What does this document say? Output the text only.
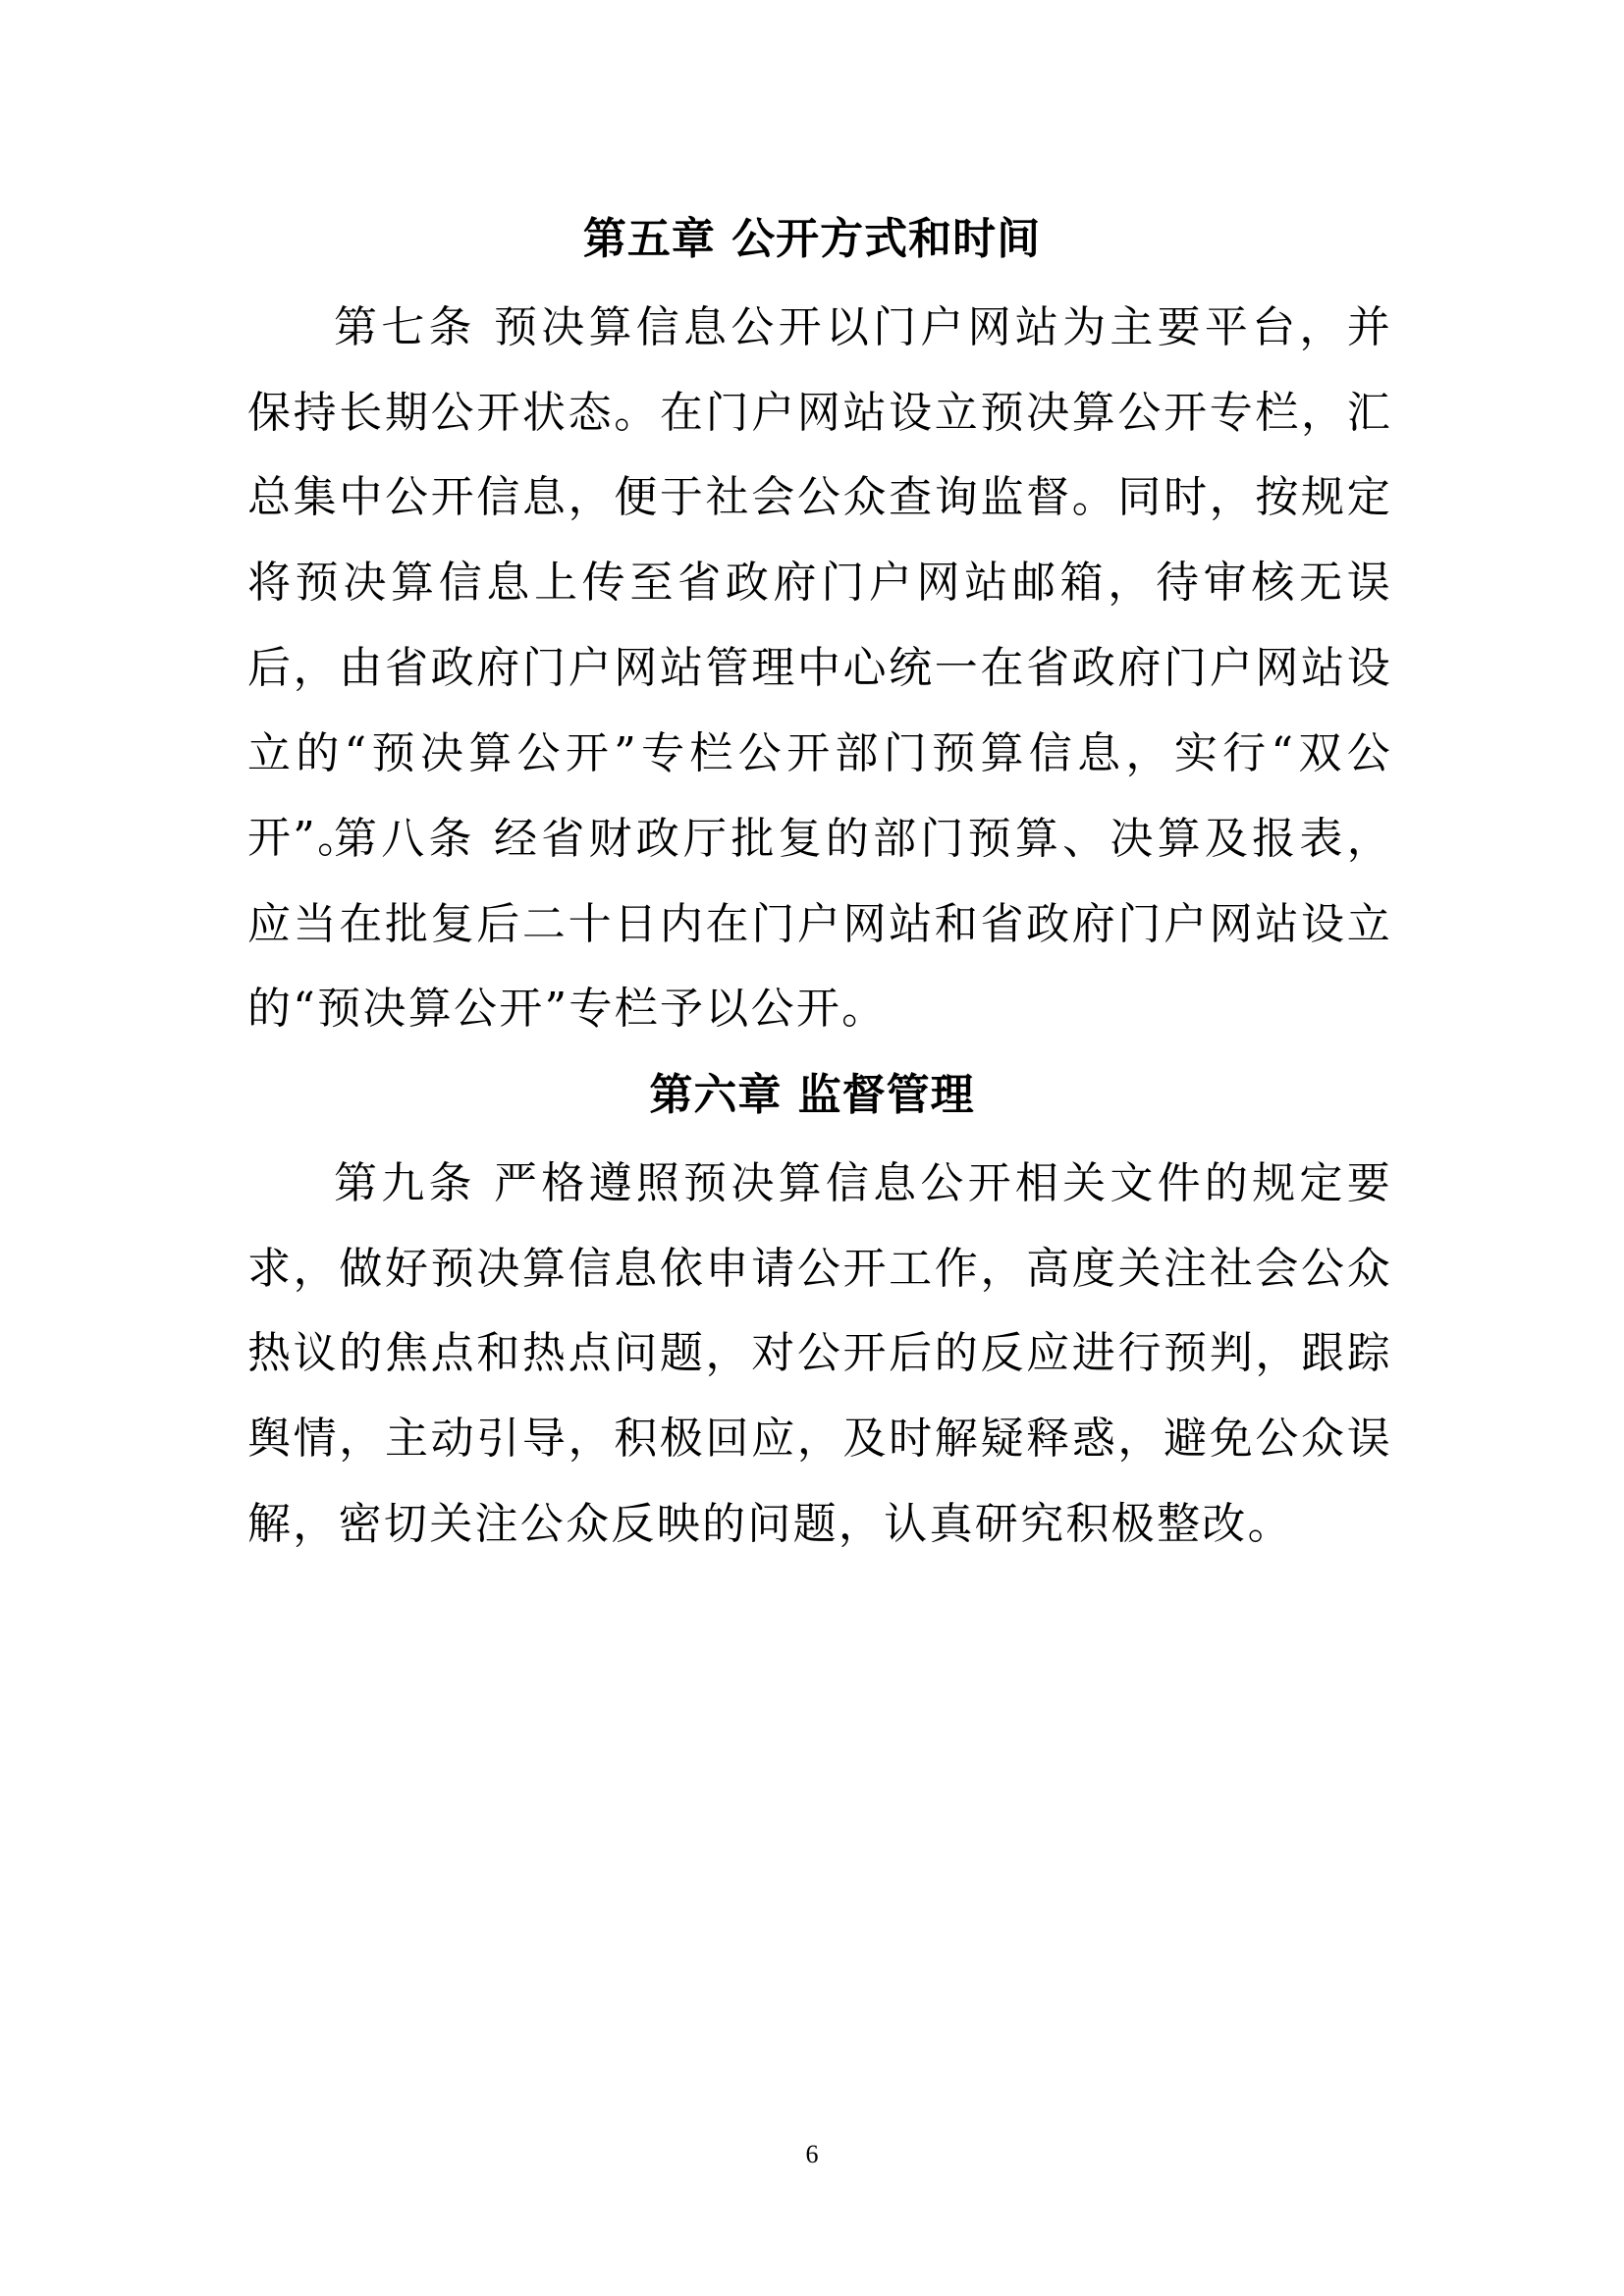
第五章 公开方式和时间

第七条 预决算信息公开以门户网站为主要平台，并保持长期公开状态。在门户网站设立预决算公开专栏，汇总集中公开信息，便于社会公众查询监督。同时，按规定将预决算信息上传至省政府门户网站邮箱，待审核无误后，由省政府门户网站管理中心统一在省政府门户网站设立的“预决算公开”专栏公开部门预算信息，实行“双公开”。

第八条 经省财政厅批复的部门预算、决算及报表，应当在批复后二十日内在门户网站和省政府门户网站设立的“预决算公开”专栏予以公开。

第六章 监督管理

第九条 严格遵照预决算信息公开相关文件的规定要求，做好预决算信息依申请公开工作，高度关注社会公众热议的焦点和热点问题，对公开后的反应进行预判，跟踪舆情，主动引导，积极回应，及时解疑释惑，避免公众误解，密切关注公众反映的问题，认真研究积极整改。

6
